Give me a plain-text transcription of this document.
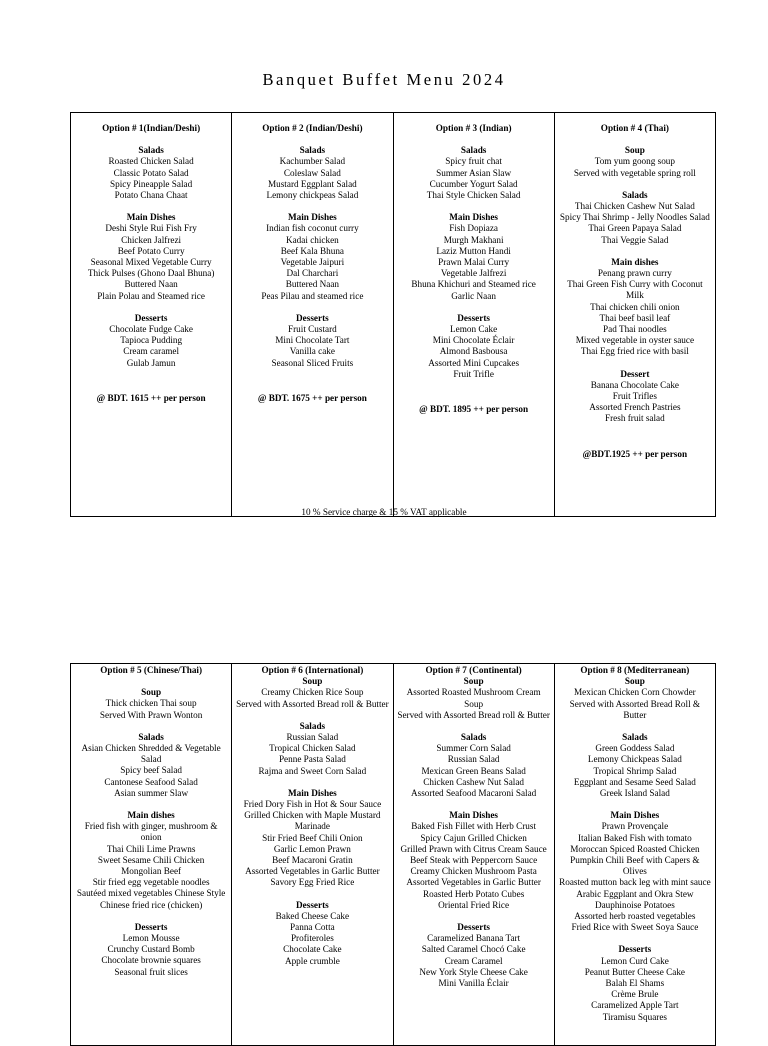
Banquet Buffet Menu 2024
Option # 1(Indian/Deshi)
Salads
Roasted Chicken Salad
Classic Potato Salad
Spicy Pineapple Salad
Potato Chana Chaat
Main Dishes
Deshi Style Rui Fish Fry
Chicken Jalfrezi
Beef Potato Curry
Seasonal Mixed Vegetable Curry
Thick Pulses (Ghono Daal Bhuna)
Buttered Naan
Plain Polau and Steamed rice
Desserts
Chocolate Fudge Cake
Tapioca Pudding
Cream caramel
Gulab Jamun
@ BDT. 1615 ++ per person

Option # 2 (Indian/Deshi)
Salads
Kachumber Salad
Coleslaw Salad
Mustard Eggplant Salad
Lemony chickpeas Salad
Main Dishes
Indian fish coconut curry
Kadai chicken
Beef Kala Bhuna
Vegetable Jaipuri
Dal Charchari
Buttered Naan
Peas Pilau and steamed rice
Desserts
Fruit Custard
Mini Chocolate Tart
Vanilla cake
Seasonal Sliced Fruits
@ BDT. 1675 ++ per person

Option # 3 (Indian)
Salads
Spicy fruit chat
Summer Asian Slaw
Cucumber Yogurt Salad
Thai Style Chicken Salad
Main Dishes
Fish Dopiaza
Murgh Makhani
Laziz Mutton Handi
Prawn Malai Curry
Vegetable Jalfrezi
Bhuna Khichuri and Steamed rice
Garlic Naan
Desserts
Lemon Cake
Mini Chocolate Éclair
Almond Basbousa
Assorted Mini Cupcakes
Fruit Trifle
@ BDT. 1895 ++ per person

Option # 4 (Thai)
Soup
Tom yum goong soup
Served with vegetable spring roll
Salads
Thai Chicken Cashew Nut Salad
Spicy Thai Shrimp - Jelly Noodles Salad
Thai Green Papaya Salad
Thai Veggie Salad
Main dishes
Penang prawn curry
Thai Green Fish Curry with Coconut Milk
Thai chicken chili onion
Thai beef basil leaf
Pad Thai noodles
Mixed vegetable in oyster sauce
Thai Egg fried rice with basil
Dessert
Banana Chocolate Cake
Fruit Trifles
Assorted French Pastries
Fresh fruit salad
@BDT.1925 ++ per person
10 % Service charge & 15 % VAT applicable
Option # 5 (Chinese/Thai)
Soup
Thick chicken Thai soup
Served With Prawn Wonton
Salads
Asian Chicken Shredded & Vegetable Salad
Spicy beef Salad
Cantonese Seafood Salad
Asian summer Slaw
Main dishes
Fried fish with ginger, mushroom & onion
Thai Chili Lime Prawns
Sweet Sesame Chili Chicken
Mongolian Beef
Stir fried egg vegetable noodles
Sautéed mixed vegetables Chinese Style
Chinese fried rice (chicken)
Desserts
Lemon Mousse
Crunchy Custard Bomb
Chocolate brownie squares
Seasonal fruit slices

Option # 6 (International)
Soup
Creamy Chicken Rice Soup
Served with Assorted Bread roll & Butter
Salads
Russian Salad
Tropical Chicken Salad
Penne Pasta Salad
Rajma and Sweet Corn Salad
Main Dishes
Fried Dory Fish in Hot & Sour Sauce
Grilled Chicken with Maple Mustard Marinade
Stir Fried Beef Chili Onion
Garlic Lemon Prawn
Beef Macaroni Gratin
Assorted Vegetables in Garlic Butter
Savory Egg Fried Rice
Desserts
Baked Cheese Cake
Panna Cotta
Profiteroles
Chocolate Cake
Apple crumble

Option # 7 (Continental)
Soup
Assorted Roasted Mushroom Cream Soup
Served with Assorted Bread roll & Butter
Salads
Summer Corn Salad
Russian Salad
Mexican Green Beans Salad
Chicken Cashew Nut Salad
Assorted Seafood Macaroni Salad
Main Dishes
Baked Fish Fillet with Herb Crust
Spicy Cajun Grilled Chicken
Grilled Prawn with Citrus Cream Sauce
Beef Steak with Peppercorn Sauce
Creamy Chicken Mushroom Pasta
Assorted Vegetables in Garlic Butter
Roasted Herb Potato Cubes
Oriental Fried Rice
Desserts
Caramelized Banana Tart
Salted Caramel Chocó Cake
Cream Caramel
New York Style Cheese Cake
Mini Vanilla Éclair

Option # 8 (Mediterranean)
Soup
Mexican Chicken Corn Chowder
Served with Assorted Bread Roll & Butter
Salads
Green Goddess Salad
Lemony Chickpeas Salad
Tropical Shrimp Salad
Eggplant and Sesame Seed Salad
Greek Island Salad
Main Dishes
Prawn Provençale
Italian Baked Fish with tomato
Moroccan Spiced Roasted Chicken
Pumpkin Chili Beef with Capers & Olives
Roasted mutton back leg with mint sauce
Arabic Eggplant and Okra Stew
Dauphinoise Potatoes
Assorted herb roasted vegetables
Fried Rice with Sweet Soya Sauce
Desserts
Lemon Curd Cake
Peanut Butter Cheese Cake
Balah El Shams
Crème Brule
Caramelized Apple Tart
Tiramisu Squares
